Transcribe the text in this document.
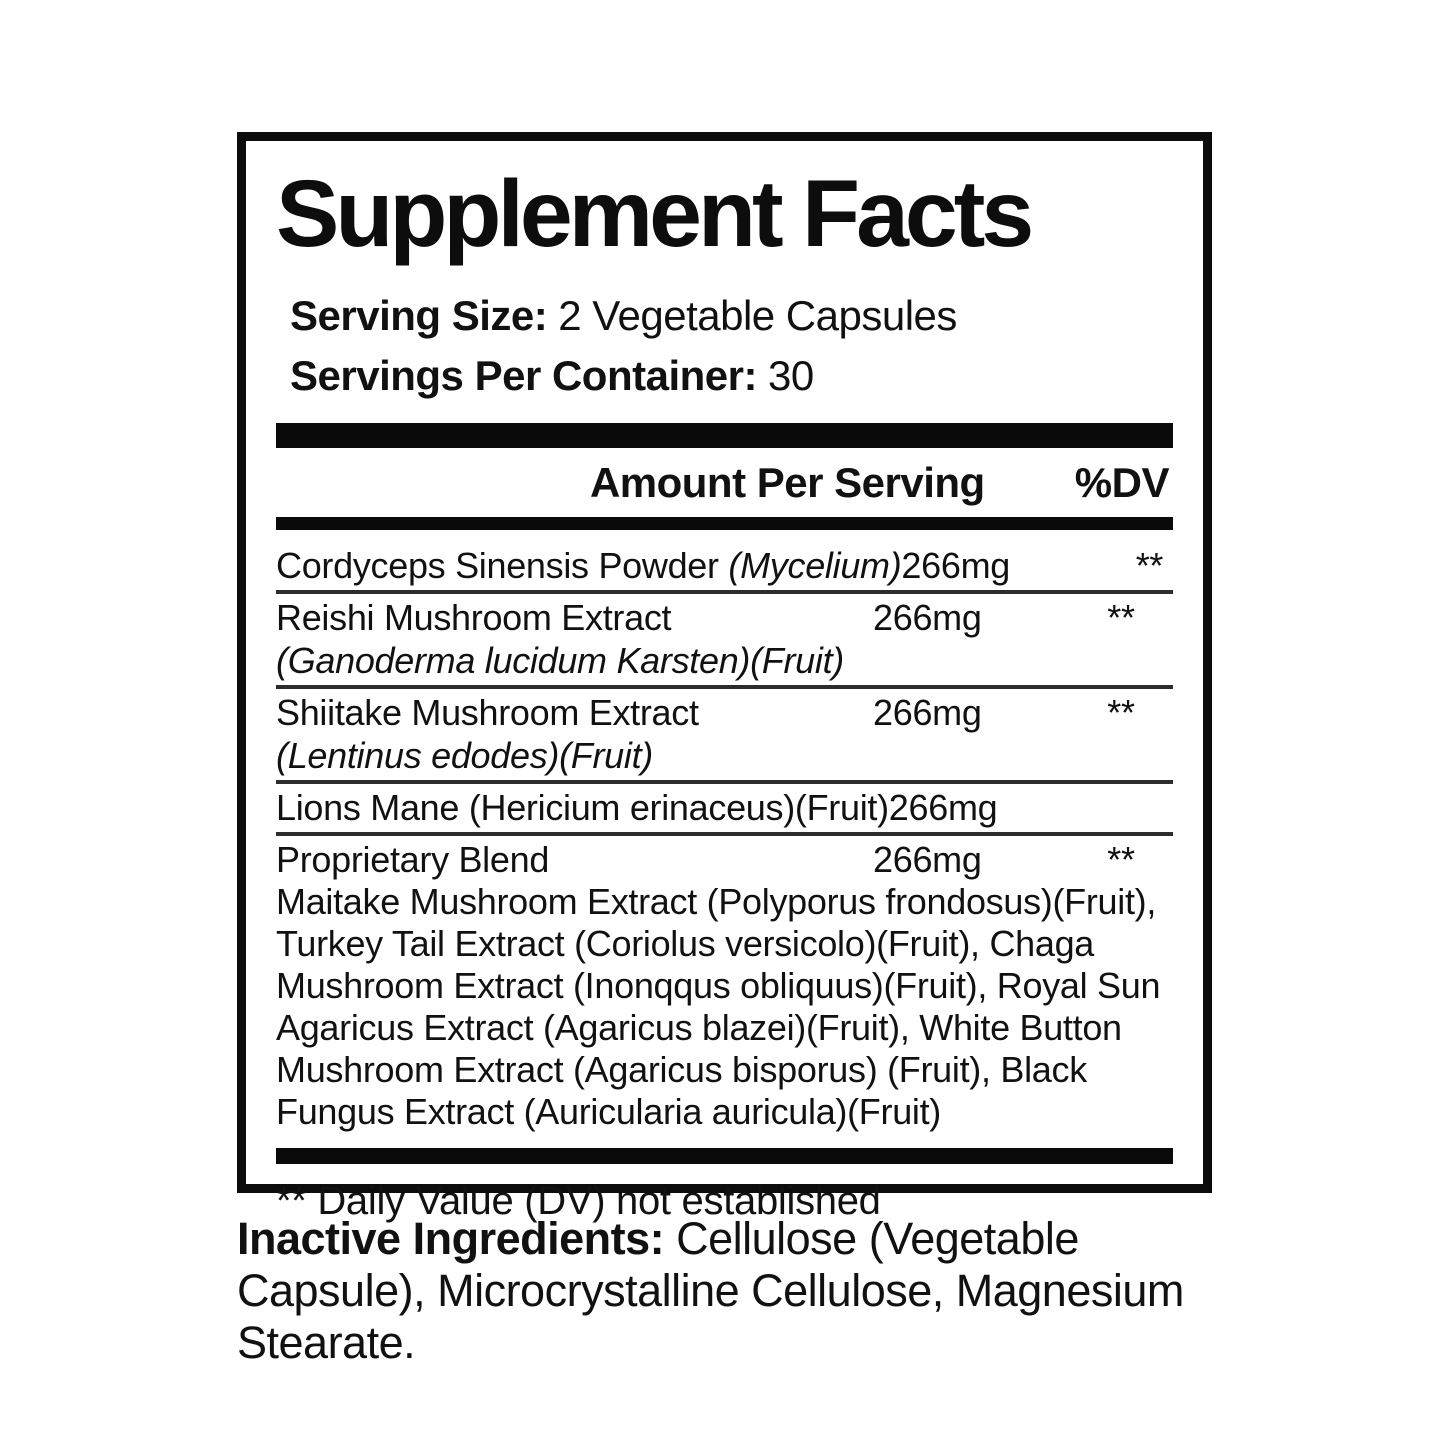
Supplement Facts

Serving Size: 2 Vegetable Capsules

Servings Per Container: 30

Amount Per Serving %DV
Cordyceps Sinensis Powder (Mycelium) 266mg	**
Reishi Mushroom Extract	266mg	**
(Ganoderma lucidum Karsten)(Fruit)
Shiitake Mushroom Extract	266mg	**
(Lentinus edodes)(Fruit)
Lions Mane (Hericium erinaceus)(Fruit) 266mg
Proprietary Blend	266mg	**
Maitake Mushroom Extract (Polyporus frondosus)(Fruit), Turkey Tail Extract (Coriolus versicolo)(Fruit), Chaga Mushroom Extract (Inonqqus obliquus)(Fruit), Royal Sun Agaricus Extract (Agaricus blazei)(Fruit), White Button Mushroom Extract (Agaricus bisporus) (Fruit), Black Fungus Extract (Auricularia auricula)(Fruit)

** Daily Value (DV) not established

Inactive Ingredients: Cellulose (Vegetable Capsule), Microcrystalline Cellulose, Magnesium Stearate.
